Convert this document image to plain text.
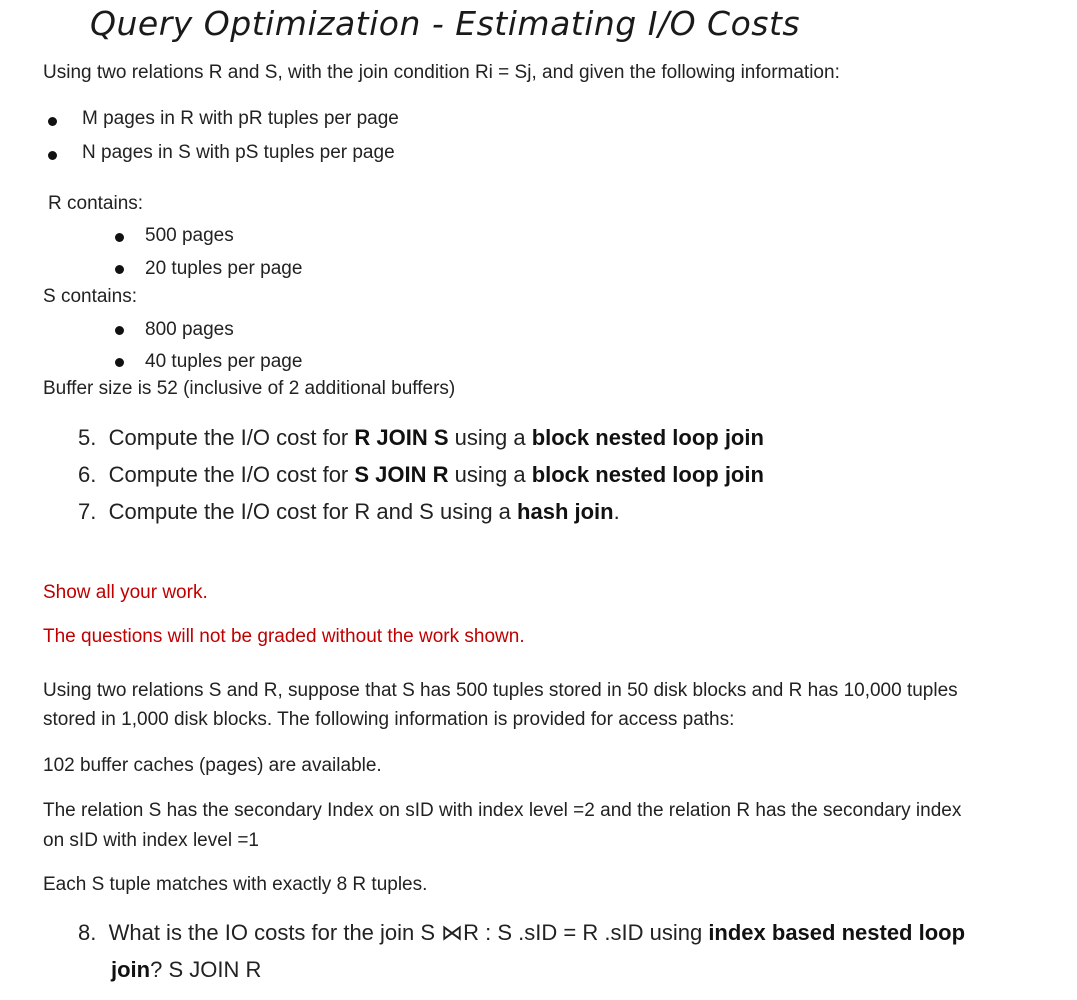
Query Optimization - Estimating I/O Costs
Using two relations R and S, with the join condition Ri = Sj, and given the following information:
M pages in R with pR tuples per page
N pages in S with pS tuples per page
R contains:
500 pages
20 tuples per page
S contains:
800 pages
40 tuples per page
Buffer size is 52 (inclusive of 2 additional buffers)
5. Compute the I/O cost for R JOIN S using a block nested loop join
6. Compute the I/O cost for S JOIN R using a block nested loop join
7. Compute the I/O cost for R and S using a hash join.
Show all your work.
The questions will not be graded without the work shown.
Using two relations S and R, suppose that S has 500 tuples stored in 50 disk blocks and R has 10,000 tuples
stored in 1,000 disk blocks. The following information is provided for access paths:
102 buffer caches (pages) are available.
The relation S has the secondary Index on sID with index level =2 and the relation R has the secondary index
on sID with index level =1
Each S tuple matches with exactly 8 R tuples.
8. What is the IO costs for the join S ⋈R : S .sID = R .sID using index based nested loop
join? S JOIN R
